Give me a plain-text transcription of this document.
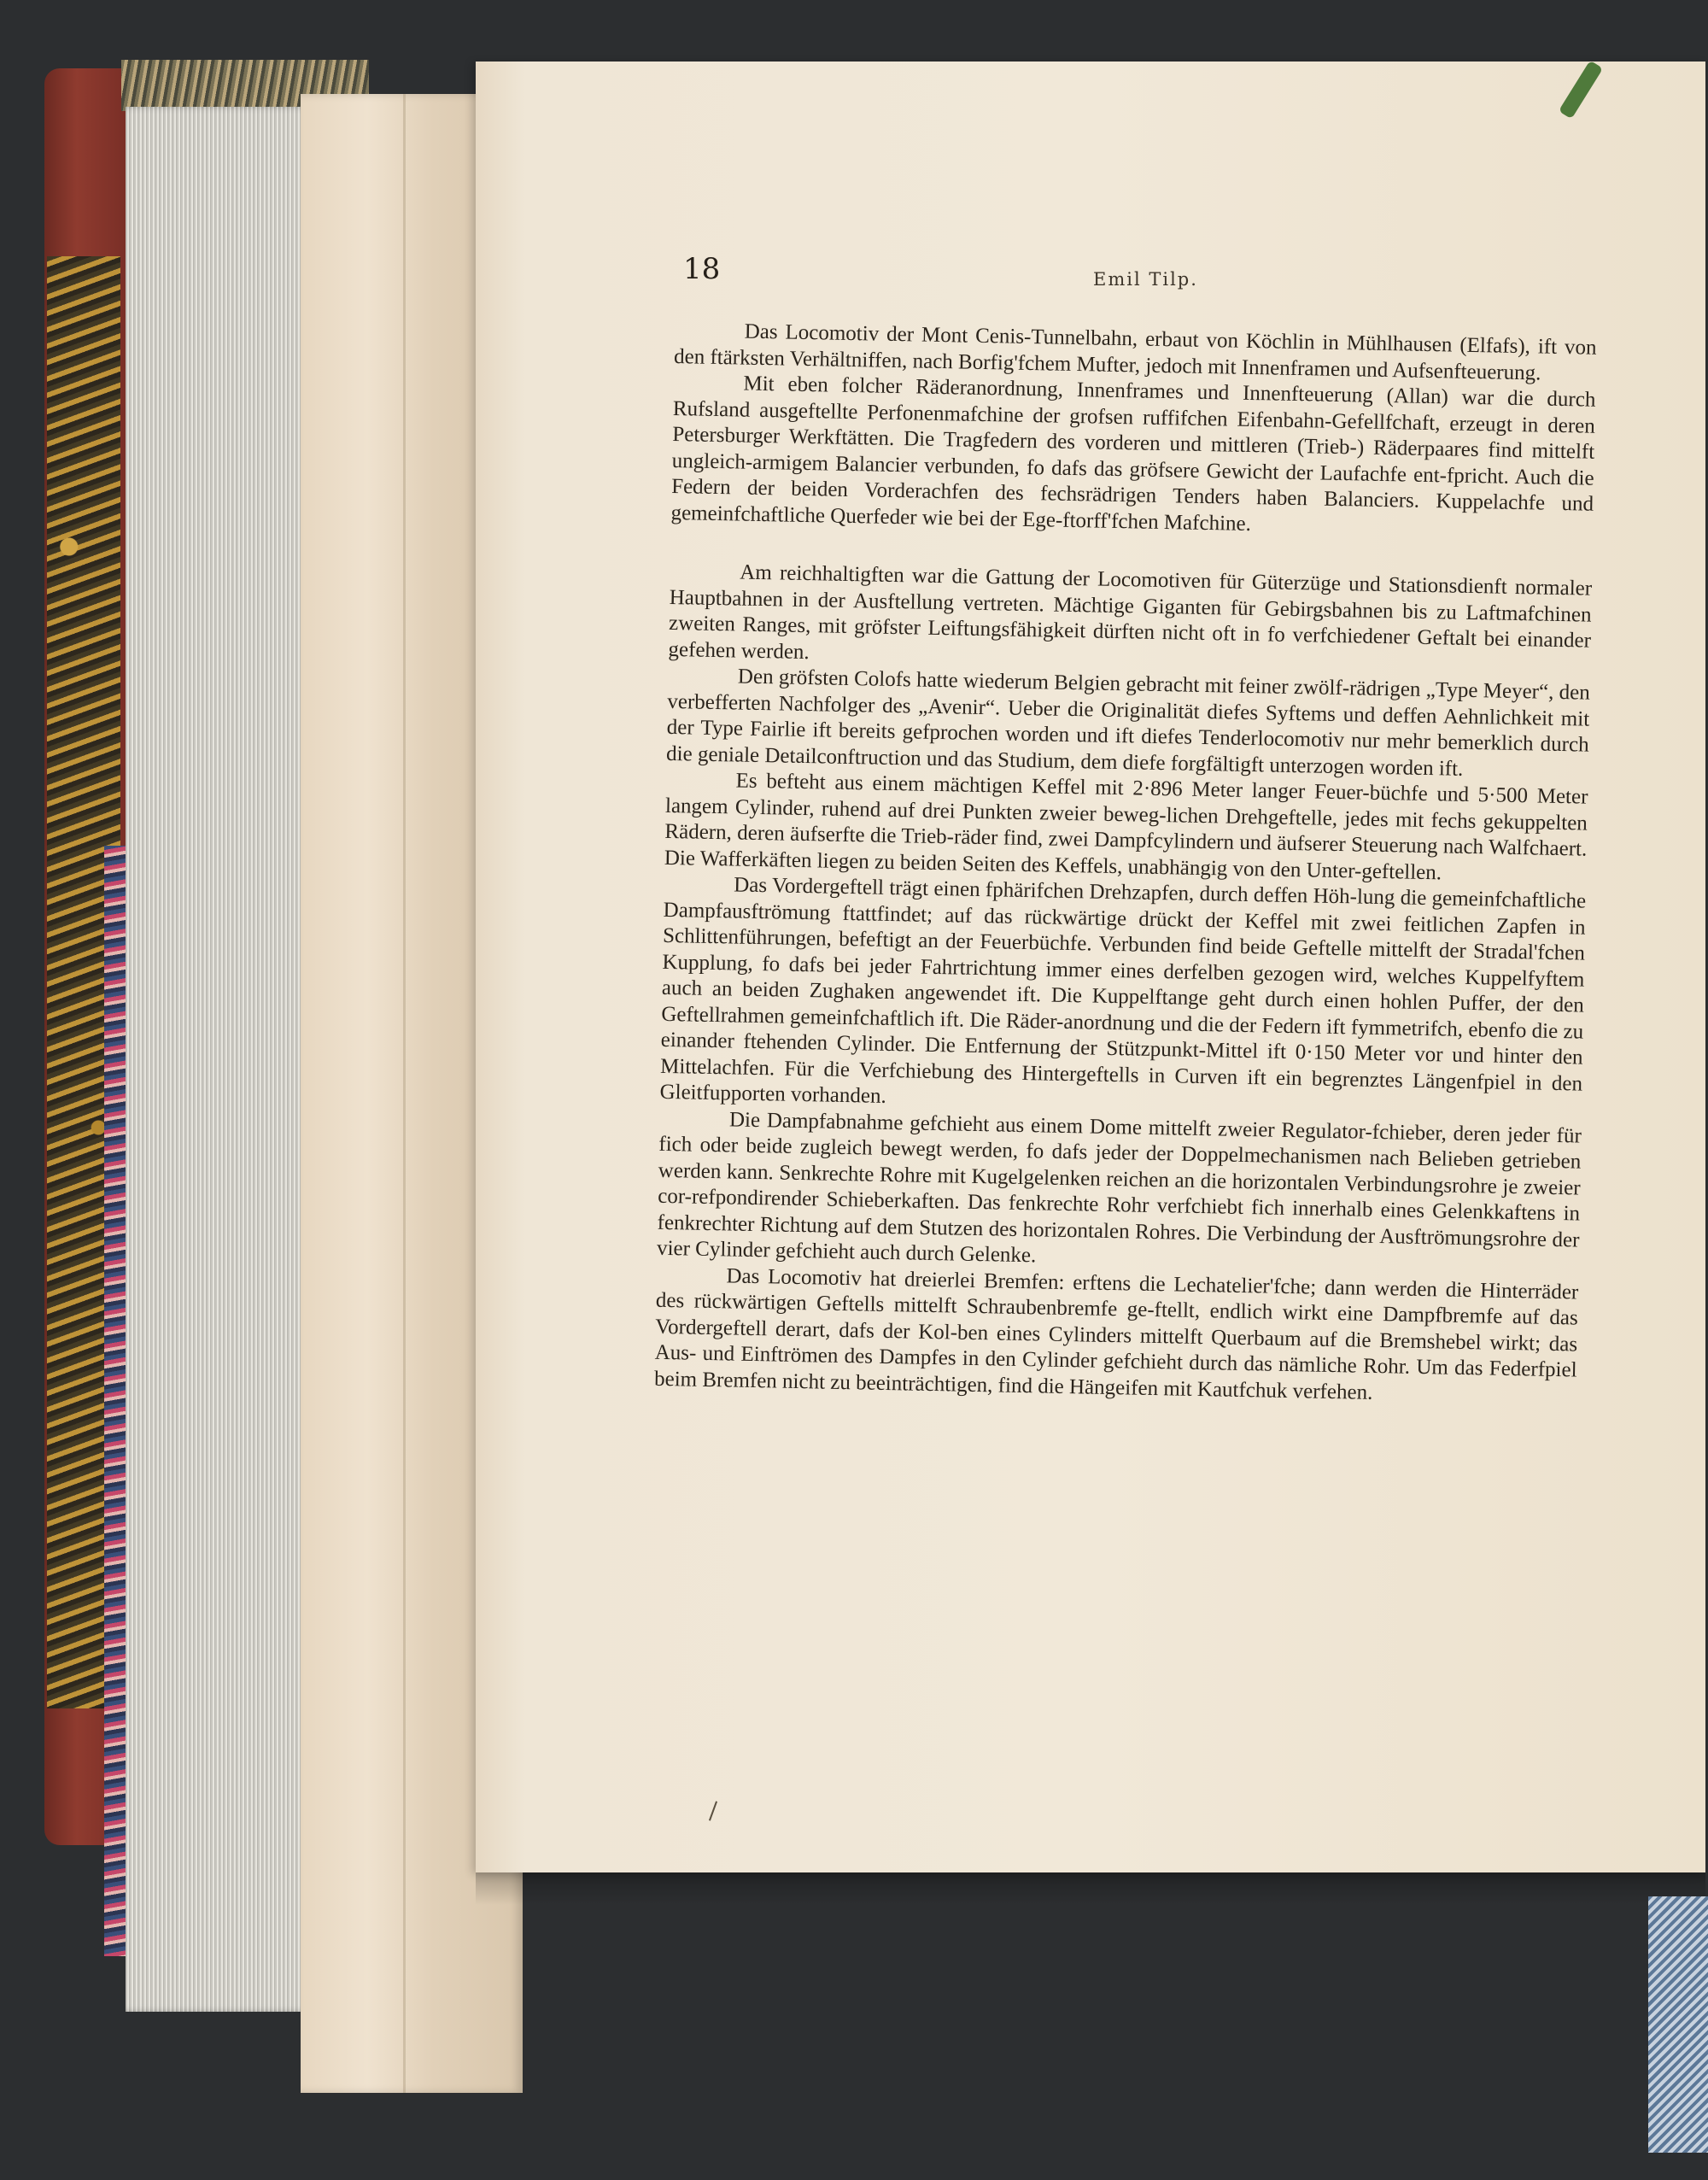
18	Emil Tilp.

Das Locomotiv der Mont Cenis-Tunnelbahn, erbaut von Köchlin in Mühlhausen (Elfafs), ift von den ftärksten Verhältniffen, nach Borfig'fchem Mufter, jedoch mit Innenframen und Aufsenfteuerung.

Mit eben folcher Räderanordnung, Innenframes und Innenfteuerung (Allan) war die durch Rufsland ausgeftellte Perfonenmafchine der grofsen ruffifchen Eifenbahn-Gefellfchaft, erzeugt in deren Petersburger Werkftätten. Die Tragfedern des vorderen und mittleren (Trieb-) Räderpaares find mittelft ungleich-armigem Balancier verbunden, fo dafs das gröfsere Gewicht der Laufachfe ent-fpricht. Auch die Federn der beiden Vorderachfen des fechsrädrigen Tenders haben Balanciers. Kuppelachfe und gemeinfchaftliche Querfeder wie bei der Ege-ftorff'fchen Mafchine.

Am reichhaltigften war die Gattung der Locomotiven für Güterzüge und Stationsdienft normaler Hauptbahnen in der Ausftellung vertreten. Mächtige Giganten für Gebirgsbahnen bis zu Laftmafchinen zweiten Ranges, mit gröfster Leiftungsfähigkeit dürften nicht oft in fo verfchiedener Geftalt bei einander gefehen werden.

Den gröfsten Colofs hatte wiederum Belgien gebracht mit feiner zwölf-rädrigen „Type Meyer“, den verbefferten Nachfolger des „Avenir“. Ueber die Originalität diefes Syftems und deffen Aehnlichkeit mit der Type Fairlie ift bereits gefprochen worden und ift diefes Tenderlocomotiv nur mehr bemerklich durch die geniale Detailconftruction und das Studium, dem diefe forgfältigft unterzogen worden ift.

Es befteht aus einem mächtigen Keffel mit 2·896 Meter langer Feuer-büchfe und 5·500 Meter langem Cylinder, ruhend auf drei Punkten zweier beweg-lichen Drehgeftelle, jedes mit fechs gekuppelten Rädern, deren äufserfte die Trieb-räder find, zwei Dampfcylindern und äufserer Steuerung nach Walfchaert. Die Wafferkäften liegen zu beiden Seiten des Keffels, unabhängig von den Unter-geftellen.

Das Vordergeftell trägt einen fphärifchen Drehzapfen, durch deffen Höh-lung die gemeinfchaftliche Dampfausftrömung ftattfindet; auf das rückwärtige drückt der Keffel mit zwei feitlichen Zapfen in Schlittenführungen, befeftigt an der Feuerbüchfe. Verbunden find beide Geftelle mittelft der Stradal'fchen Kupplung, fo dafs bei jeder Fahrtrichtung immer eines derfelben gezogen wird, welches Kuppelfyftem auch an beiden Zughaken angewendet ift. Die Kuppelftange geht durch einen hohlen Puffer, der den Geftellrahmen gemeinfchaftlich ift. Die Räder-anordnung und die der Federn ift fymmetrifch, ebenfo die zu einander ftehenden Cylinder. Die Entfernung der Stützpunkt-Mittel ift 0·150 Meter vor und hinter den Mittelachfen. Für die Verfchiebung des Hintergeftells in Curven ift ein begrenztes Längenfpiel in den Gleitfupporten vorhanden.

Die Dampfabnahme gefchieht aus einem Dome mittelft zweier Regulator-fchieber, deren jeder für fich oder beide zugleich bewegt werden, fo dafs jeder der Doppelmechanismen nach Belieben getrieben werden kann. Senkrechte Rohre mit Kugelgelenken reichen an die horizontalen Verbindungsrohre je zweier cor-refpondirender Schieberkaften. Das fenkrechte Rohr verfchiebt fich innerhalb eines Gelenkkaftens in fenkrechter Richtung auf dem Stutzen des horizontalen Rohres. Die Verbindung der Ausftrömungsrohre der vier Cylinder gefchieht auch durch Gelenke.

Das Locomotiv hat dreierlei Bremfen: erftens die Lechatelier'fche; dann werden die Hinterräder des rückwärtigen Geftells mittelft Schraubenbremfe ge-ftellt, endlich wirkt eine Dampfbremfe auf das Vordergeftell derart, dafs der Kol-ben eines Cylinders mittelft Querbaum auf die Bremshebel wirkt; das Aus- und Einftrömen des Dampfes in den Cylinder gefchieht durch das nämliche Rohr. Um das Federfpiel beim Bremfen nicht zu beeinträchtigen, find die Hängeifen mit Kautfchuk verfehen.
